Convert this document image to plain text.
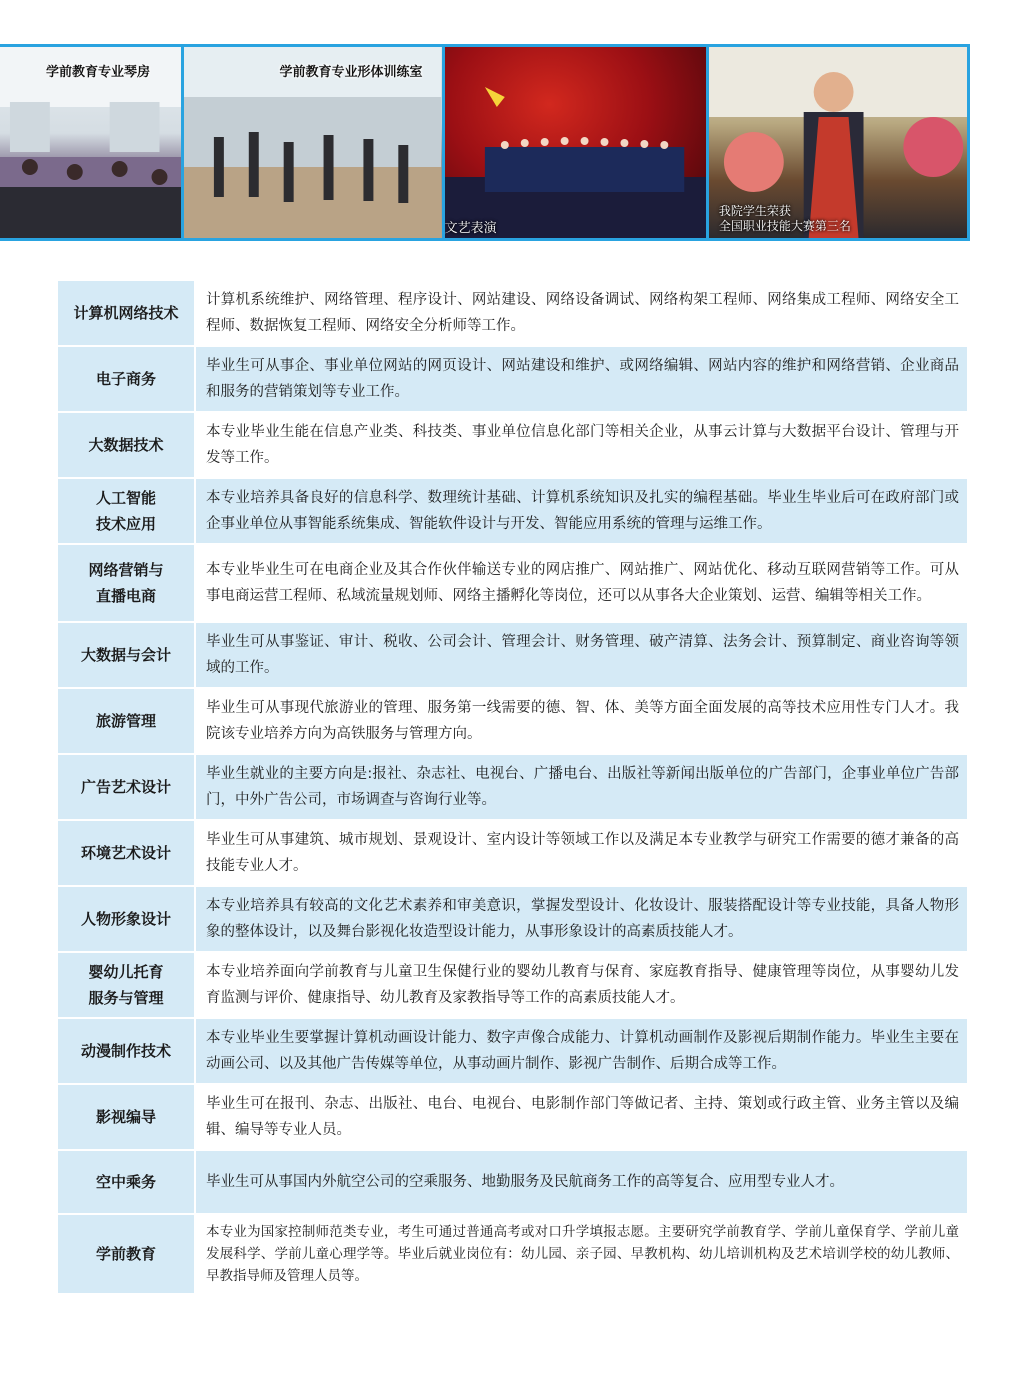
学前教育专业琴房	学前教育专业形体训练室
文艺表演
我院学生荣获
全国职业技能大赛第三名
计算机网络技术	计算机系统维护、网络管理、程序设计、网站建设、网络设备调试、网络构架工程师、网络集成工程师、网络安全工程师、数据恢复工程师、网络安全分析师等工作。
电子商务	毕业生可从事企、事业单位网站的网页设计、网站建设和维护、或网络编辑、网站内容的维护和网络营销、企业商品和服务的营销策划等专业工作。
大数据技术	本专业毕业生能在信息产业类、科技类、事业单位信息化部门等相关企业，从事云计算与大数据平台设计、管理与开发等工作。
人工智能
技术应用	本专业培养具备良好的信息科学、数理统计基础、计算机系统知识及扎实的编程基础。毕业生毕业后可在政府部门或企事业单位从事智能系统集成、智能软件设计与开发、智能应用系统的管理与运维工作。
网络营销与
直播电商	本专业毕业生可在电商企业及其合作伙伴输送专业的网店推广、网站推广、网站优化、移动互联网营销等工作。可从事电商运营工程师、私域流量规划师、网络主播孵化等岗位，还可以从事各大企业策划、运营、编辑等相关工作。
大数据与会计	毕业生可从事鉴证、审计、税收、公司会计、管理会计、财务管理、破产清算、法务会计、预算制定、商业咨询等领域的工作。
旅游管理	毕业生可从事现代旅游业的管理、服务第一线需要的德、智、体、美等方面全面发展的高等技术应用性专门人才。我院该专业培养方向为高铁服务与管理方向。
广告艺术设计	毕业生就业的主要方向是:报社、杂志社、电视台、广播电台、出版社等新闻出版单位的广告部门，企事业单位广告部门，中外广告公司，市场调查与咨询行业等。
环境艺术设计	毕业生可从事建筑、城市规划、景观设计、室内设计等领域工作以及满足本专业教学与研究工作需要的德才兼备的高技能专业人才。
人物形象设计	本专业培养具有较高的文化艺术素养和审美意识，掌握发型设计、化妆设计、服装搭配设计等专业技能，具备人物形象的整体设计，以及舞台影视化妆造型设计能力，从事形象设计的高素质技能人才。
婴幼儿托育
服务与管理	本专业培养面向学前教育与儿童卫生保健行业的婴幼儿教育与保育、家庭教育指导、健康管理等岗位，从事婴幼儿发育监测与评价、健康指导、幼儿教育及家教指导等工作的高素质技能人才。
动漫制作技术	本专业毕业生要掌握计算机动画设计能力、数字声像合成能力、计算机动画制作及影视后期制作能力。毕业生主要在动画公司、以及其他广告传媒等单位，从事动画片制作、影视广告制作、后期合成等工作。
影视编导	毕业生可在报刊、杂志、出版社、电台、电视台、电影制作部门等做记者、主持、策划或行政主管、业务主管以及编辑、编导等专业人员。
空中乘务	毕业生可从事国内外航空公司的空乘服务、地勤服务及民航商务工作的高等复合、应用型专业人才。
学前教育	本专业为国家控制师范类专业，考生可通过普通高考或对口升学填报志愿。主要研究学前教育学、学前儿童保育学、学前儿童发展科学、学前儿童心理学等。毕业后就业岗位有：幼儿园、亲子园、早教机构、幼儿培训机构及艺术培训学校的幼儿教师、早教指导师及管理人员等。
